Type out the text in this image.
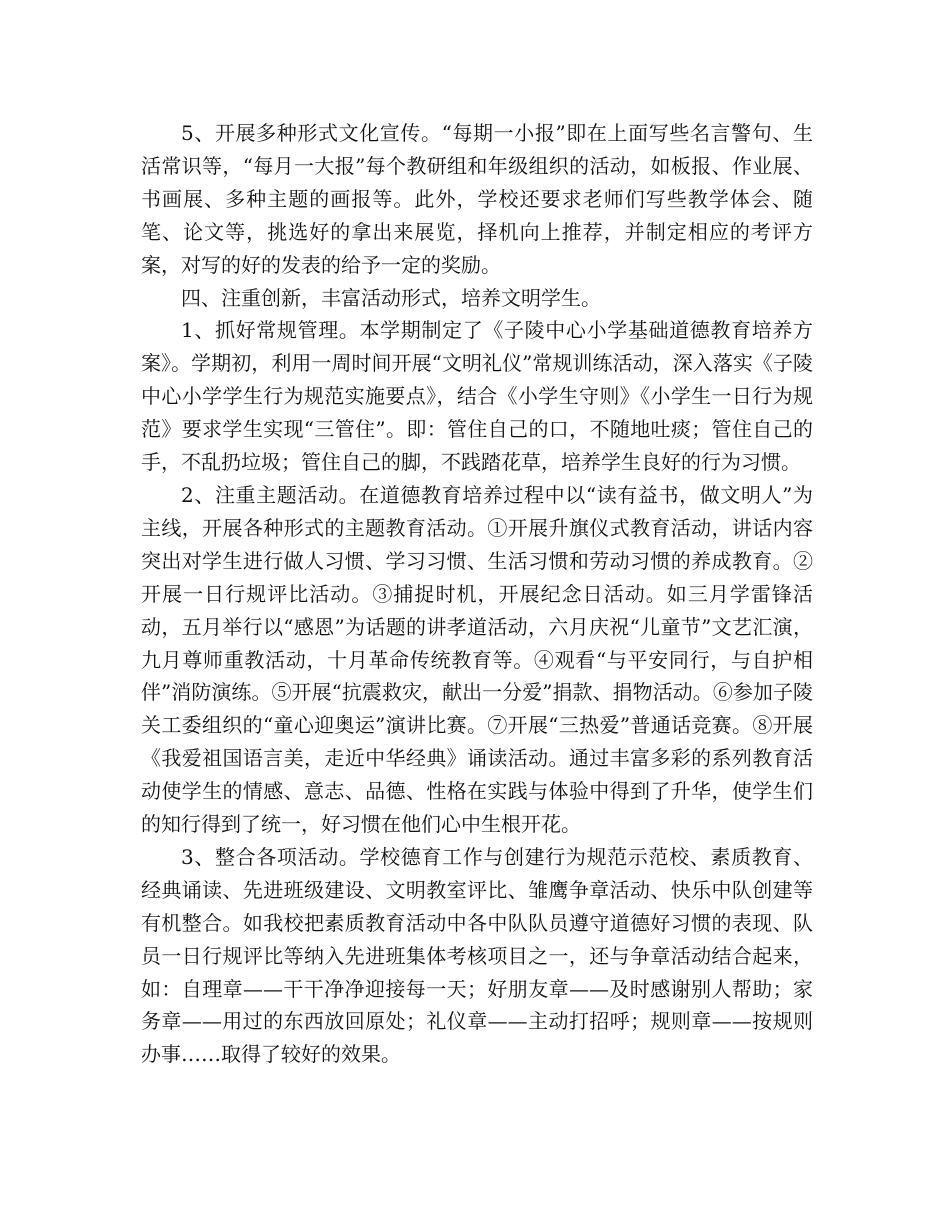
5、开展多种形式文化宣传。“每期一小报”即在上面写些名言警句、生活常识等，“每月一大报”每个教研组和年级组织的活动，如板报、作业展、书画展、多种主题的画报等。此外，学校还要求老师们写些教学体会、随笔、论文等，挑选好的拿出来展览，择机向上推荐，并制定相应的考评方案，对写的好的发表的给予一定的奖励。

四、注重创新，丰富活动形式，培养文明学生。

1、抓好常规管理。本学期制定了《子陵中心小学基础道德教育培养方案》。学期初，利用一周时间开展“文明礼仪”常规训练活动，深入落实《子陵中心小学学生行为规范实施要点》，结合《小学生守则》《小学生一日行为规范》要求学生实现“三管住”。即：管住自己的口，不随地吐痰；管住自己的手，不乱扔垃圾；管住自己的脚，不践踏花草，培养学生良好的行为习惯。

2、注重主题活动。在道德教育培养过程中以“读有益书，做文明人”为主线，开展各种形式的主题教育活动。①开展升旗仪式教育活动，讲话内容突出对学生进行做人习惯、学习习惯、生活习惯和劳动习惯的养成教育。②开展一日行规评比活动。③捕捉时机，开展纪念日活动。如三月学雷锋活动，五月举行以“感恩”为话题的讲孝道活动，六月庆祝“儿童节”文艺汇演，九月尊师重教活动，十月革命传统教育等。④观看“与平安同行，与自护相伴”消防演练。⑤开展“抗震救灾，献出一分爱”捐款、捐物活动。⑥参加子陵关工委组织的“童心迎奥运”演讲比赛。⑦开展“三热爱”普通话竞赛。⑧开展《我爱祖国语言美，走近中华经典》诵读活动。通过丰富多彩的系列教育活动使学生的情感、意志、品德、性格在实践与体验中得到了升华，使学生们的知行得到了统一，好习惯在他们心中生根开花。

3、整合各项活动。学校德育工作与创建行为规范示范校、素质教育、经典诵读、先进班级建设、文明教室评比、雏鹰争章活动、快乐中队创建等有机整合。如我校把素质教育活动中各中队队员遵守道德好习惯的表现、队员一日行规评比等纳入先进班集体考核项目之一，还与争章活动结合起来，如：自理章——干干净净迎接每一天；好朋友章——及时感谢别人帮助；家务章——用过的东西放回原处；礼仪章——主动打招呼；规则章——按规则办事……取得了较好的效果。
